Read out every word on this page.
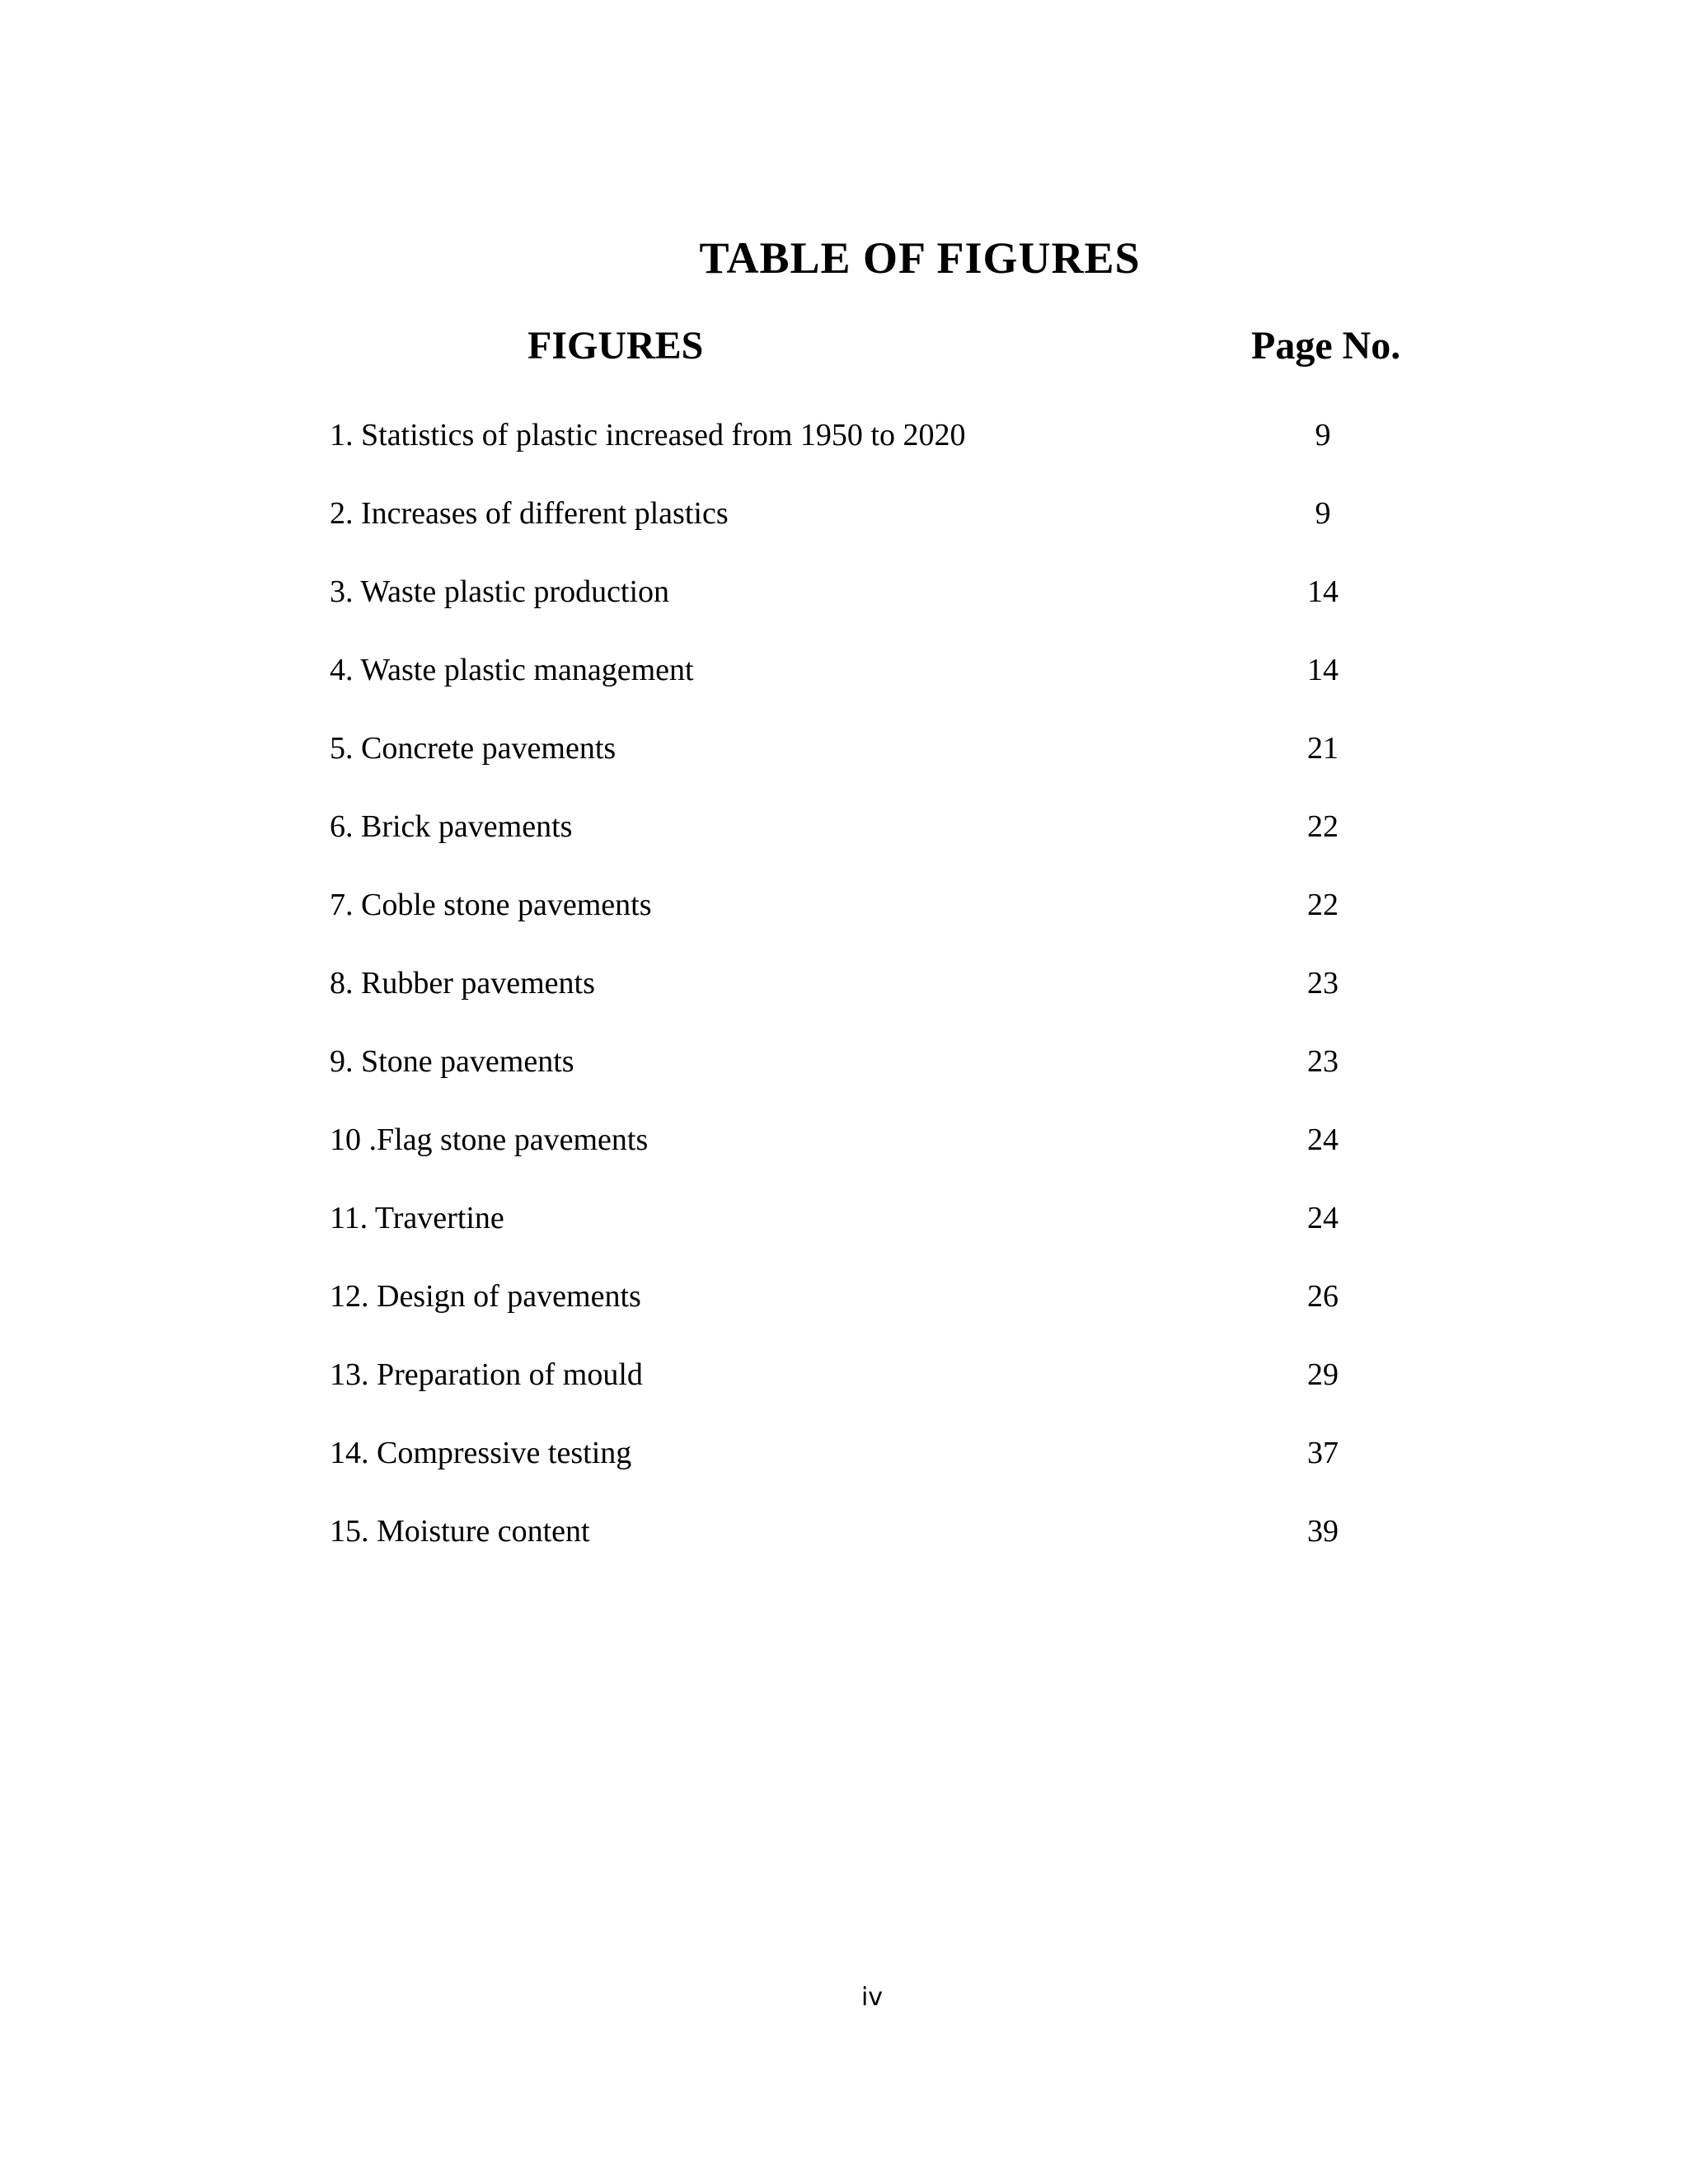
TABLE OF FIGURES
FIGURES	Page No.
1. Statistics of plastic increased from 1950 to 2020	9
2. Increases of different plastics	9
3. Waste plastic production	14
4. Waste plastic management	14
5. Concrete pavements	21
6. Brick pavements	22
7. Coble stone pavements	22
8. Rubber pavements	23
9. Stone pavements	23
10 .Flag stone pavements	24
11. Travertine	24
12. Design of pavements	26
13. Preparation of mould	29
14. Compressive testing	37
15. Moisture content	39
iv
